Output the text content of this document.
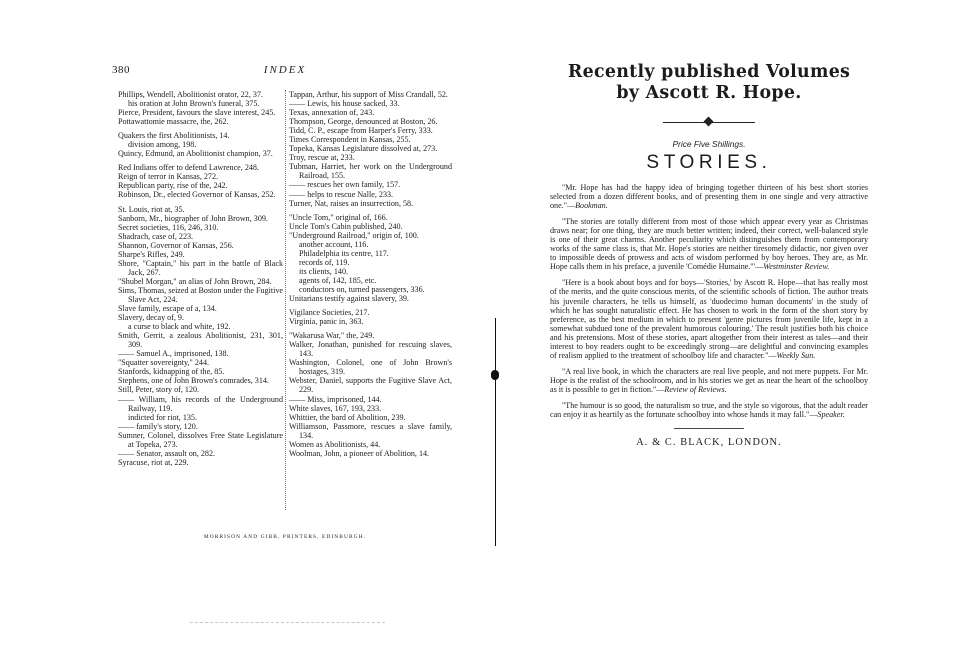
380	INDEX
Phillips, Wendell, Abolitionist orator, 22, 37.
his oration at John Brown's funeral, 375.
Pierce, President, favours the slave interest, 245.
Pottawattomie massacre, the, 262.
Quakers the first Abolitionists, 14.
division among, 198.
Quincy, Edmund, an Abolitionist champion, 37.
Red Indians offer to defend Lawrence, 248.
Reign of terror in Kansas, 272.
Republican party, rise of the, 242.
Robinson, Dr., elected Governor of Kansas, 252.
St. Louis, riot at, 35.
Sanborn, Mr., biographer of John Brown, 309.
Secret societies, 116, 246, 310.
Shadrach, case of, 223.
Shannon, Governor of Kansas, 256.
Sharpe's Rifles, 249.
Shore, "Captain," his part in the battle of Black Jack, 267.
"Shubel Morgan," an alias of John Brown, 284.
Sims, Thomas, seized at Boston under the Fugitive Slave Act, 224.
Slave family, escape of a, 134.
Slavery, decay of, 9.
a curse to black and white, 192.
Smith, Gerrit, a zealous Abolitionist, 231, 301, 309.
—— Samuel A., imprisoned, 138.
"Squatter sovereignty," 244.
Stanfords, kidnapping of the, 85.
Stephens, one of John Brown's comrades, 314.
Still, Peter, story of, 120.
—— William, his records of the Underground Railway, 119.
indicted for riot, 135.
—— family's story, 120.
Sumner, Colonel, dissolves Free State Legislature at Topeka, 273.
—— Senator, assault on, 282.
Syracuse, riot at, 229.
Tappan, Arthur, his support of Miss Crandall, 52.
—— Lewis, his house sacked, 33.
Texas, annexation of, 243.
Thompson, George, denounced at Boston, 26.
Tidd, C. P., escape from Harper's Ferry, 333.
Times Correspondent in Kansas, 255.
Topeka, Kansas Legislature dissolved at, 273.
Troy, rescue at, 233.
Tubman, Harriet, her work on the Underground Railroad, 155.
—— rescues her own family, 157.
—— helps to rescue Nalle, 233.
Turner, Nat, raises an insurrection, 58.
"Uncle Tom," original of, 166.
Uncle Tom's Cabin published, 240.
"Underground Railroad," origin of, 100.
another account, 116.
Philadelphia its centre, 117.
records of, 119.
its clients, 140.
agents of, 142, 185, etc.
conductors on, turned passengers, 336.
Unitarians testify against slavery, 39.
Vigilance Societies, 217.
Virginia, panic in, 363.
"Wakarusa War," the, 249.
Walker, Jonathan, punished for rescuing slaves, 143.
Washington, Colonel, one of John Brown's hostages, 319.
Webster, Daniel, supports the Fugitive Slave Act, 229.
—— Miss, imprisoned, 144.
White slaves, 167, 193, 233.
Whittier, the bard of Abolition, 239.
Williamson, Passmore, rescues a slave family, 134.
Women as Abolitionists, 44.
Woolman, John, a pioneer of Abolition, 14.
MORRISON AND GIBB, PRINTERS, EDINBURGH.
Recently published Volumes
by Ascott R. Hope.
Price Five Shillings.
STORIES.
"Mr. Hope has had the happy idea of bringing together thirteen of his best short stories selected from a dozen different books, and of presenting them in one single and very attractive one."—Bookman.
"The stories are totally different from most of those which appear every year as Christmas draws near; for one thing, they are much better written; indeed, their correct, well-balanced style is one of their great charms. Another peculiarity which distinguishes them from contemporary works of the same class is, that Mr. Hope's stories are neither tiresomely didactic, nor given over to impossible deeds of prowess and acts of wisdom performed by boy heroes. They are, as Mr. Hope calls them in his preface, a juvenile 'Comédie Humaine.'"—Westminster Review.
"Here is a book about boys and for boys—'Stories,' by Ascott R. Hope—that has really most of the merits, and the quite conscious merits, of the scientific schools of fiction. The author treats his juvenile characters, he tells us himself, as 'duodecimo human documents' in the study of which he has sought naturalistic effect. He has chosen to work in the form of the short story by preference, as the best medium in which to present 'genre pictures from juvenile life, kept in a somewhat subdued tone of the prevalent humorous colouring.' The result justifies both his choice and his pretensions. Most of these stories, apart altogether from their interest as tales—and their interest to boy readers ought to be exceedingly strong—are delightful and convincing examples of realism applied to the treatment of schoolboy life and character."—Weekly Sun.
"A real live book, in which the characters are real live people, and not mere puppets. For Mr. Hope is the realist of the schoolroom, and in his stories we get as near the heart of the schoolboy as it is possible to get in fiction."—Review of Reviews.
"The humour is so good, the naturalism so true, and the style so vigorous, that the adult reader can enjoy it as heartily as the fortunate schoolboy into whose hands it may fall."—Speaker.
A. & C. BLACK, LONDON.
